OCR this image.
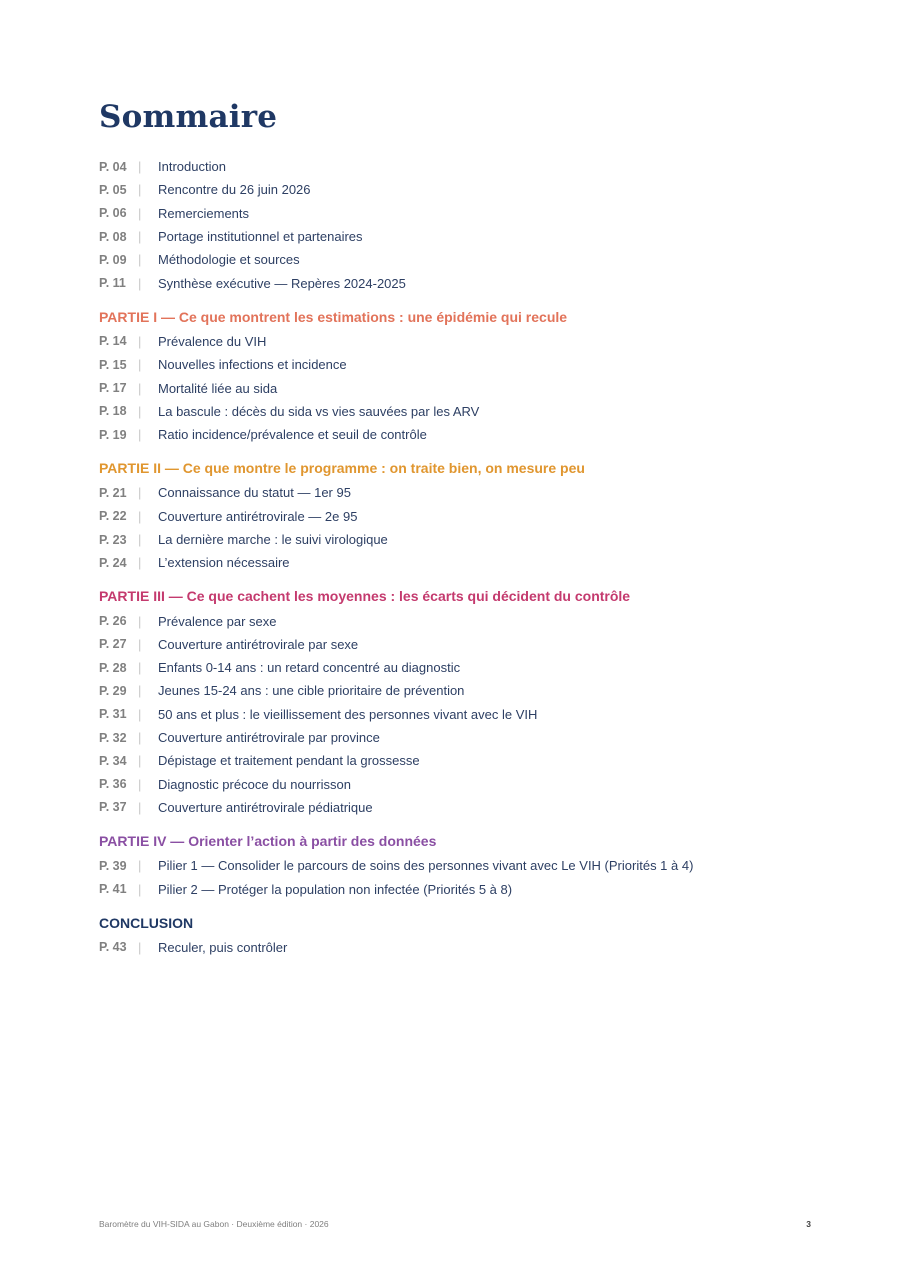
Sommaire
P. 04 |	Introduction
P. 05 |	Rencontre du 26 juin 2026
P. 06 |	Remerciements
P. 08 |	Portage institutionnel et partenaires
P. 09 |	Méthodologie et sources
P. 11 |	Synthèse exécutive — Repères 2024-2025
PARTIE I — Ce que montrent les estimations : une épidémie qui recule
P. 14 |	Prévalence du VIH
P. 15 |	Nouvelles infections et incidence
P. 17 |	Mortalité liée au sida
P. 18 |	La bascule : décès du sida vs vies sauvées par les ARV
P. 19 |	Ratio incidence/prévalence et seuil de contrôle
PARTIE II — Ce que montre le programme : on traite bien, on mesure peu
P. 21 |	Connaissance du statut — 1er 95
P. 22 |	Couverture antirétrovirale — 2e 95
P. 23 |	La dernière marche : le suivi virologique
P. 24 |	L’extension nécessaire
PARTIE III — Ce que cachent les moyennes : les écarts qui décident du contrôle
P. 26 |	Prévalence par sexe
P. 27 |	Couverture antirétrovirale par sexe
P. 28 |	Enfants 0-14 ans : un retard concentré au diagnostic
P. 29 |	Jeunes 15-24 ans : une cible prioritaire de prévention
P. 31 |	50 ans et plus : le vieillissement des personnes vivant avec le VIH
P. 32 |	Couverture antirétrovirale par province
P. 34 |	Dépistage et traitement pendant la grossesse
P. 36 |	Diagnostic précoce du nourrisson
P. 37 |	Couverture antirétrovirale pédiatrique
PARTIE IV — Orienter l’action à partir des données
P. 39 |	Pilier 1 — Consolider le parcours de soins des personnes vivant avec Le VIH (Priorités 1 à 4)
P. 41 |	Pilier 2 — Protéger la population non infectée (Priorités 5 à 8)
CONCLUSION
P. 43 |	Reculer, puis contrôler
Baromètre du VIH-SIDA au Gabon · Deuxième édition · 2026	3
